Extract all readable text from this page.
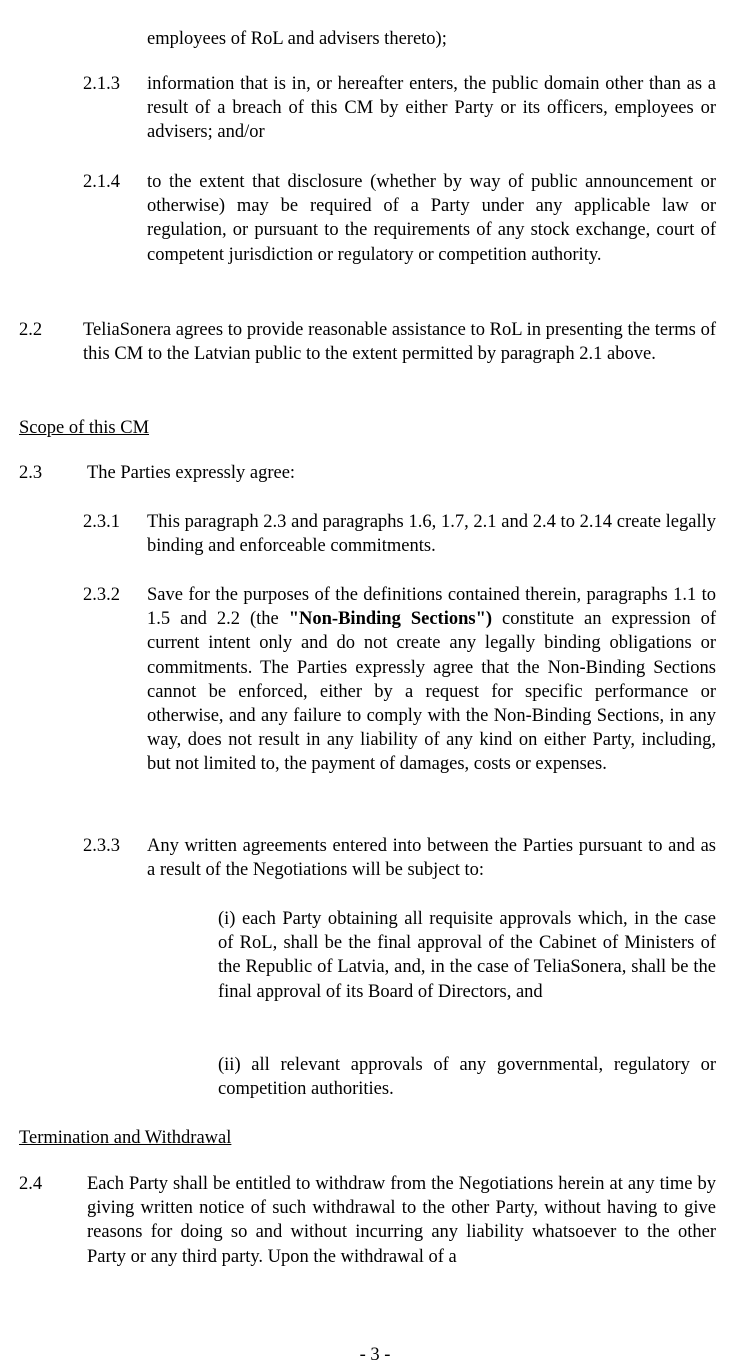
employees of RoL and advisers thereto);
2.1.3 information that is in, or hereafter enters, the public domain other than as a result of a breach of this CM by either Party or its officers, employees or advisers; and/or
2.1.4 to the extent that disclosure (whether by way of public announcement or otherwise) may be required of a Party under any applicable law or regulation, or pursuant to the requirements of any stock exchange, court of competent jurisdiction or regulatory or competition authority.
2.2 TeliaSonera agrees to provide reasonable assistance to RoL in presenting the terms of this CM to the Latvian public to the extent permitted by paragraph 2.1 above.
Scope of this CM
2.3 The Parties expressly agree:
2.3.1 This paragraph 2.3 and paragraphs 1.6, 1.7, 2.1 and 2.4 to 2.14 create legally binding and enforceable commitments.
2.3.2 Save for the purposes of the definitions contained therein, paragraphs 1.1 to 1.5 and 2.2 (the "Non-Binding Sections") constitute an expression of current intent only and do not create any legally binding obligations or commitments. The Parties expressly agree that the Non-Binding Sections cannot be enforced, either by a request for specific performance or otherwise, and any failure to comply with the Non-Binding Sections, in any way, does not result in any liability of any kind on either Party, including, but not limited to, the payment of damages, costs or expenses.
2.3.3 Any written agreements entered into between the Parties pursuant to and as a result of the Negotiations will be subject to:
(i) each Party obtaining all requisite approvals which, in the case of RoL, shall be the final approval of the Cabinet of Ministers of the Republic of Latvia, and, in the case of TeliaSonera, shall be the final approval of its Board of Directors, and
(ii) all relevant approvals of any governmental, regulatory or competition authorities.
Termination and Withdrawal
2.4 Each Party shall be entitled to withdraw from the Negotiations herein at any time by giving written notice of such withdrawal to the other Party, without having to give reasons for doing so and without incurring any liability whatsoever to the other Party or any third party. Upon the withdrawal of a
- 3 -
